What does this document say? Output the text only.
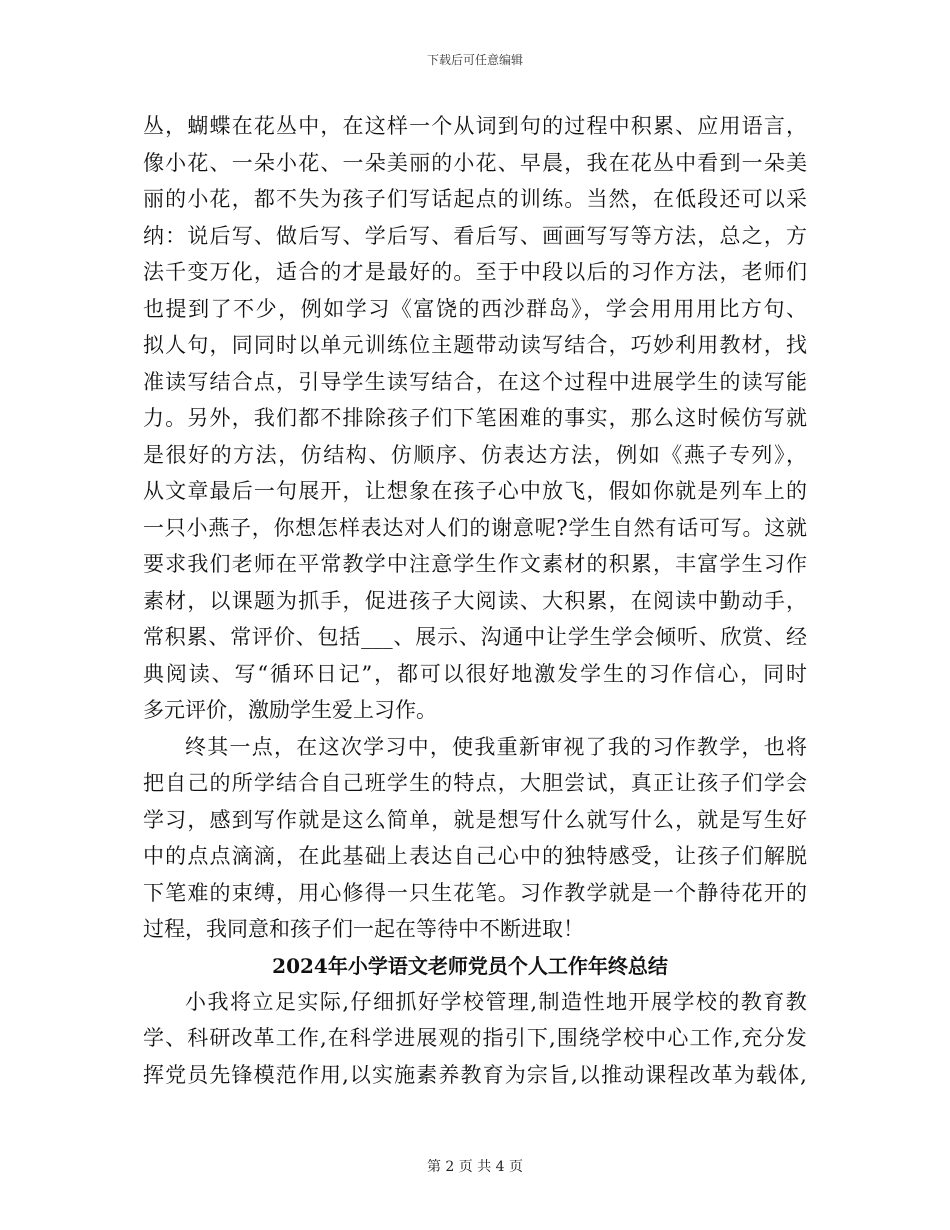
下载后可任意编辑
丛，蝴蝶在花丛中，在这样一个从词到句的过程中积累、应用语言，
像小花、一朵小花、一朵美丽的小花、早晨，我在花丛中看到一朵美
丽的小花，都不失为孩子们写话起点的训练。当然，在低段还可以采
纳：说后写、做后写、学后写、看后写、画画写写等方法，总之，方
法千变万化，适合的才是最好的。至于中段以后的习作方法，老师们
也提到了不少，例如学习《富饶的西沙群岛》，学会用用用比方句、
拟人句，同同时以单元训练位主题带动读写结合，巧妙利用教材，找
准读写结合点，引导学生读写结合，在这个过程中进展学生的读写能
力。另外，我们都不排除孩子们下笔困难的事实，那么这时候仿写就
是很好的方法，仿结构、仿顺序、仿表达方法，例如《燕子专列》，
从文章最后一句展开，让想象在孩子心中放飞，假如你就是列车上的
一只小燕子，你想怎样表达对人们的谢意呢?学生自然有话可写。这就
要求我们老师在平常教学中注意学生作文素材的积累，丰富学生习作
素材，以课题为抓手，促进孩子大阅读、大积累，在阅读中勤动手，
常积累、常评价、包括___、展示、沟通中让学生学会倾听、欣赏、经
典阅读、写“循环日记”，都可以很好地激发学生的习作信心，同时
多元评价，激励学生爱上习作。
终其一点，在这次学习中，使我重新审视了我的习作教学，也将
把自己的所学结合自己班学生的特点，大胆尝试，真正让孩子们学会
学习，感到写作就是这么简单，就是想写什么就写什么，就是写生好
中的点点滴滴，在此基础上表达自己心中的独特感受，让孩子们解脱
下笔难的束缚，用心修得一只生花笔。习作教学就是一个静待花开的
过程，我同意和孩子们一起在等待中不断进取！
2024年小学语文老师党员个人工作年终总结
小我将立足实际,仔细抓好学校管理,制造性地开展学校的教育教
学、科研改革工作,在科学进展观的指引下,围绕学校中心工作,充分发
挥党员先锋模范作用,以实施素养教育为宗旨,以推动课程改革为载体,
第 2 页 共 4 页
